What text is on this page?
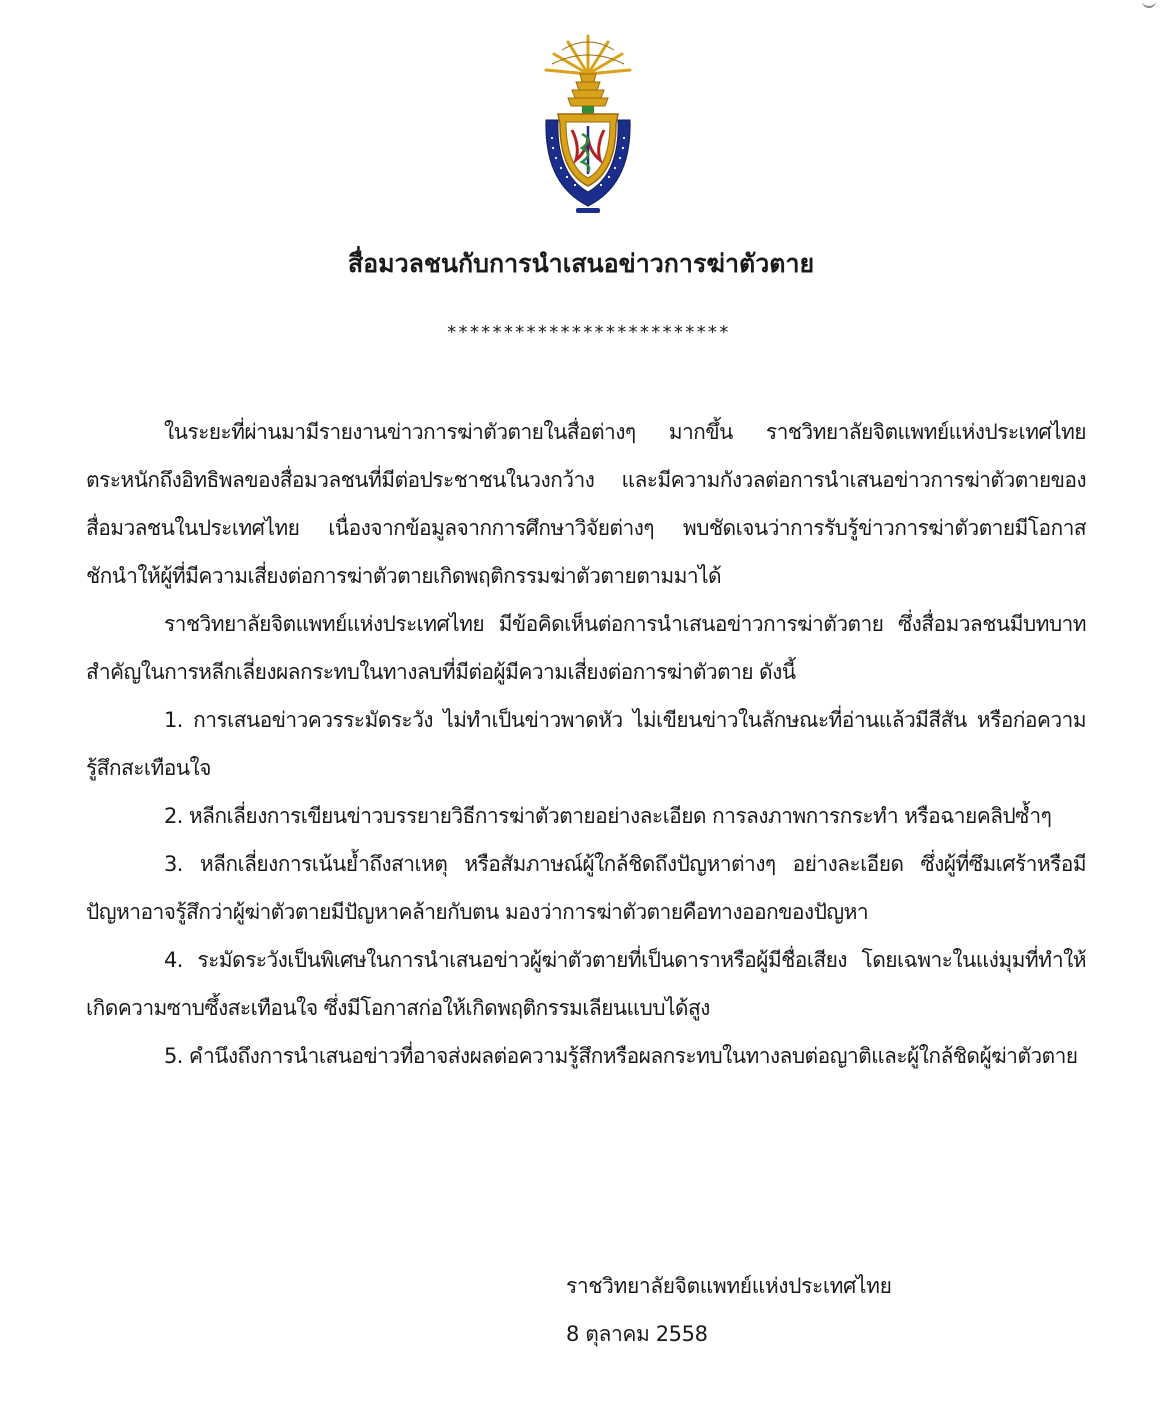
สื่อมวลชนกับการนำเสนอข่าวการฆ่าตัวตาย
*************************

ในระยะที่ผ่านมามีรายงานข่าวการฆ่าตัวตายในสื่อต่างๆ มากขึ้น ราชวิทยาลัยจิตแพทย์แห่งประเทศไทยตระหนักถึงอิทธิพลของสื่อมวลชนที่มีต่อประชาชนในวงกว้าง และมีความกังวลต่อการนำเสนอข่าวการฆ่าตัวตายของสื่อมวลชนในประเทศไทย เนื่องจากข้อมูลจากการศึกษาวิจัยต่างๆ พบชัดเจนว่าการรับรู้ข่าวการฆ่าตัวตายมีโอกาสชักนำให้ผู้ที่มีความเสี่ยงต่อการฆ่าตัวตายเกิดพฤติกรรมฆ่าตัวตายตามมาได้

ราชวิทยาลัยจิตแพทย์แห่งประเทศไทย มีข้อคิดเห็นต่อการนำเสนอข่าวการฆ่าตัวตาย ซึ่งสื่อมวลชนมีบทบาทสำคัญในการหลีกเลี่ยงผลกระทบในทางลบที่มีต่อผู้มีความเสี่ยงต่อการฆ่าตัวตาย ดังนี้

1. การเสนอข่าวควรระมัดระวัง ไม่ทำเป็นข่าวพาดหัว ไม่เขียนข่าวในลักษณะที่อ่านแล้วมีสีสัน หรือก่อความรู้สึกสะเทือนใจ

2. หลีกเลี่ยงการเขียนข่าวบรรยายวิธีการฆ่าตัวตายอย่างละเอียด การลงภาพการกระทำ หรือฉายคลิปซ้ำๆ

3. หลีกเลี่ยงการเน้นย้ำถึงสาเหตุ หรือสัมภาษณ์ผู้ใกล้ชิดถึงปัญหาต่างๆ อย่างละเอียด ซึ่งผู้ที่ซึมเศร้าหรือมีปัญหาอาจรู้สึกว่าผู้ฆ่าตัวตายมีปัญหาคล้ายกับตน มองว่าการฆ่าตัวตายคือทางออกของปัญหา

4. ระมัดระวังเป็นพิเศษในการนำเสนอข่าวผู้ฆ่าตัวตายที่เป็นดาราหรือผู้มีชื่อเสียง โดยเฉพาะในแง่มุมที่ทำให้เกิดความซาบซึ้งสะเทือนใจ ซึ่งมีโอกาสก่อให้เกิดพฤติกรรมเลียนแบบได้สูง

5. คำนึงถึงการนำเสนอข่าวที่อาจส่งผลต่อความรู้สึกหรือผลกระทบในทางลบต่อญาติและผู้ใกล้ชิดผู้ฆ่าตัวตาย

ราชวิทยาลัยจิตแพทย์แห่งประเทศไทย
8 ตุลาคม 2558
